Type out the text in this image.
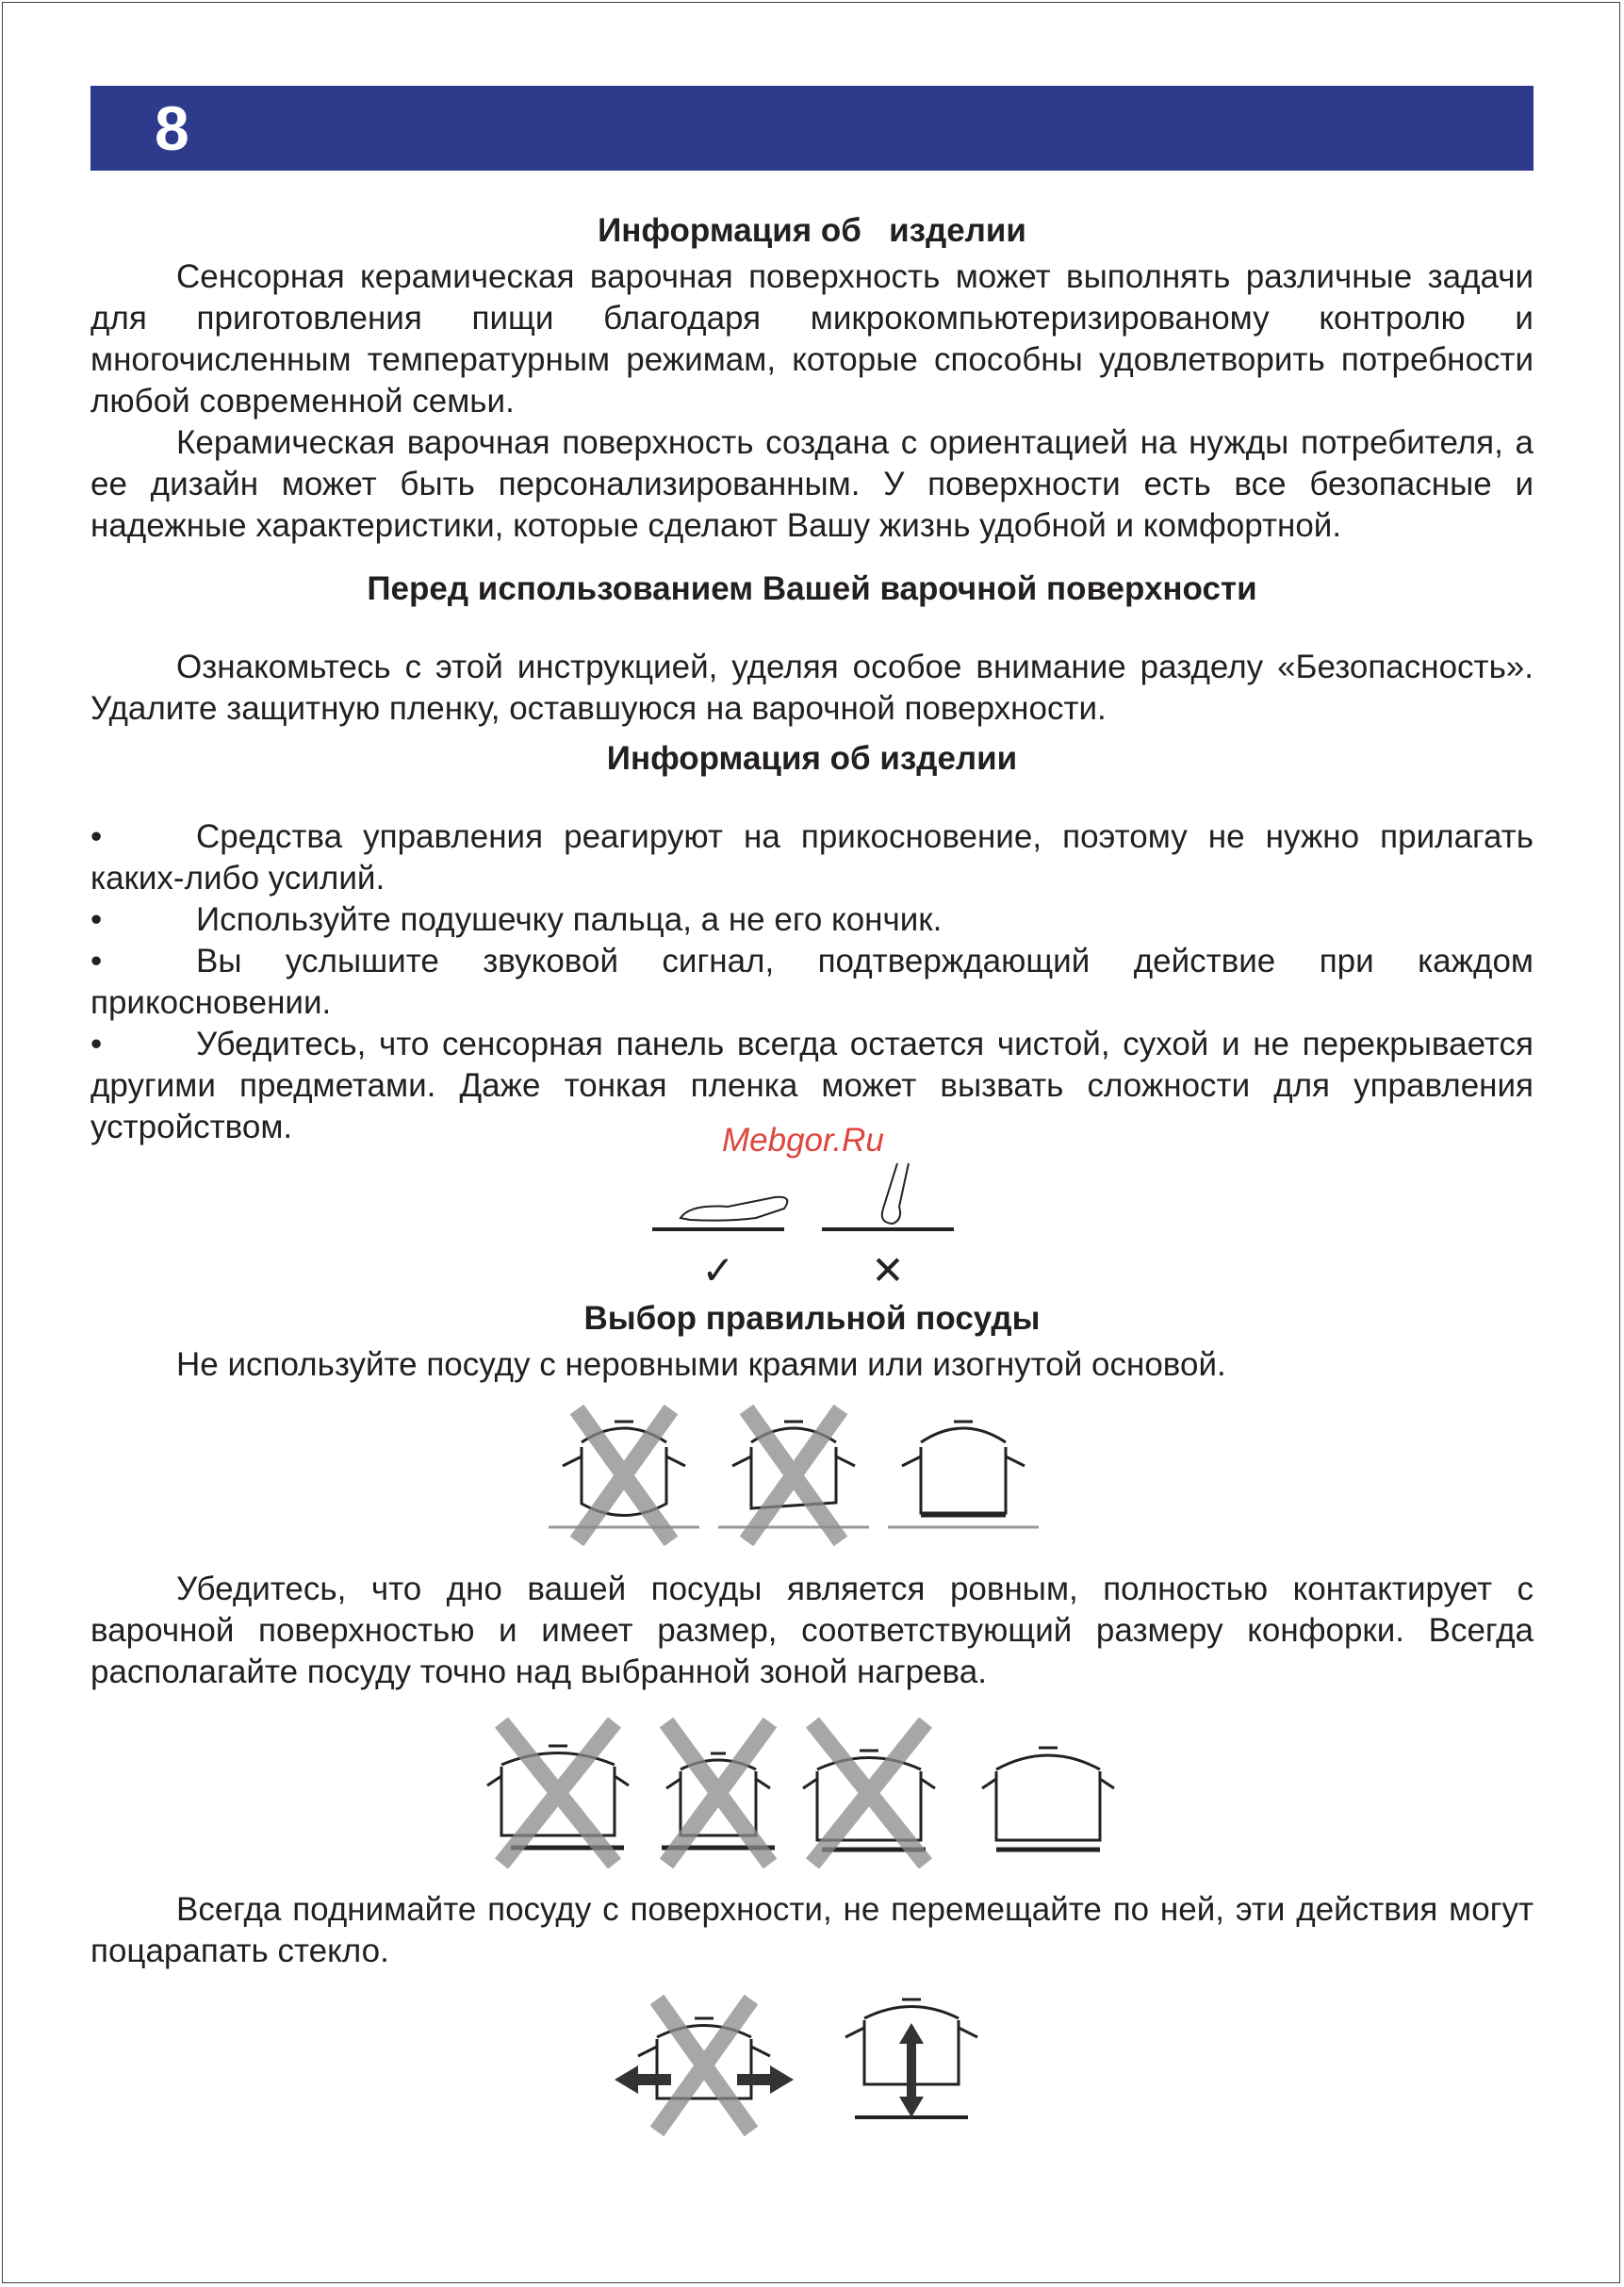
8
Информация об   изделии

Сенсорная керамическая варочная поверхность может выполнять различные задачи для приготовления пищи благодаря микрокомпьютеризированому контролю и многочисленным температурным режимам, которые способны удовлетворить потребности любой современной семьи.

Керамическая варочная поверхность создана с ориентацией на нужды потребителя, а ее дизайн может быть персонализированным. У поверхности есть все безопасные и надежные характеристики, которые сделают Вашу жизнь удобной и комфортной.

Перед использованием Вашей варочной поверхности

Ознакомьтесь с этой инструкцией, уделяя особое внимание разделу «Безопасность». Удалите защитную пленку, оставшуюся на варочной поверхности.

Информация об изделии
•	Средства управления реагируют на прикосновение, поэтому не нужно прилагать каких-либо усилий.
•	Используйте подушечку пальца, а не его кончик.
•	Вы услышите звуковой сигнал, подтверждающий действие при каждом прикосновении.
•	Убедитесь, что сенсорная панель всегда остается чистой, сухой и не перекрывается другими предметами. Даже тонкая пленка может вызвать сложности для управления устройством.
✓	✕
Выбор правильной посуды

Не используйте посуду с неровными краями или изогнутой основой.

Убедитесь, что дно вашей посуды является ровным, полностью контактирует с варочной поверхностью и имеет размер, соответствующий размеру конфорки. Всегда располагайте посуду точно над выбранной зоной нагрева.

Всегда поднимайте посуду с поверхности, не перемещайте по ней, эти действия могут поцарапать стекло.

Mebgor.Ru
